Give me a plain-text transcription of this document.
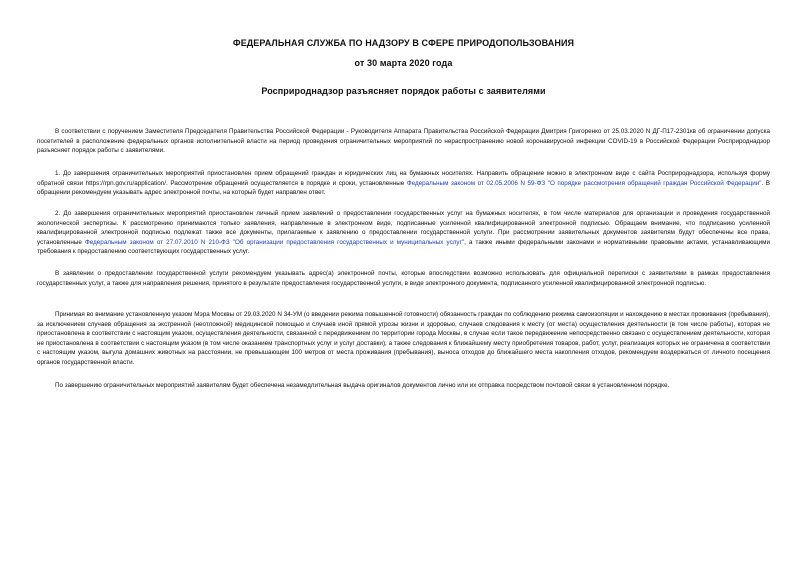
ФЕДЕРАЛЬНАЯ СЛУЖБА ПО НАДЗОРУ В СФЕРЕ ПРИРОДОПОЛЬЗОВАНИЯ
от 30 марта 2020 года
Росприроднадзор разъясняет порядок работы с заявителями

В соответствии с поручением Заместителя Председателя Правительства Российской Федерации - Руководителя Аппарата Правительства Российской Федерации Дмитрия Григоренко от 25.03.2020 N ДГ-П17-2301кв об ограничении допуска посетителей в расположение федеральных органов исполнительной власти на период проведения ограничительных мероприятий по нераспространению новой коронавирусной инфекции COVID-19 в Российской Федерации Росприроднадзор разъясняет порядок работы с заявителями.

1. До завершения ограничительных мероприятий приостановлен прием обращений граждан и юридических лиц на бумажных носителях. Направить обращение можно в электронном виде с сайта Росприроднадзора, используя форму обратной связи https://rpn.gov.ru/application/. Рассмотрение обращений осуществляется в порядке и сроки, установленные Федеральным законом от 02.05.2006 N 59-ФЗ "О порядке рассмотрения обращений граждан Российской Федерации". В обращении рекомендуем указывать адрес электронной почты, на который будет направлен ответ.

2. До завершения ограничительных мероприятий приостановлен личный прием заявлений о предоставлении государственных услуг на бумажных носителях, в том числе материалов для организации и проведения государственной экологической экспертизы. К рассмотрению принимаются только заявления, направленные в электронном виде, подписанные усиленной квалифицированной электронной подписью. Обращаем внимание, что подписанию усиленной квалифицированной электронной подписью подлежат также все документы, прилагаемые к заявлению о предоставлении государственной услуги. При рассмотрении заявительных документов заявителям будут обеспечены все права, установленные Федеральным законом от 27.07.2010 N 210-ФЗ "Об организации предоставления государственных и муниципальных услуг", а также иными федеральными законами и нормативными правовыми актами, устанавливающими требования к предоставлению соответствующих государственных услуг.

В заявлении о предоставлении государственной услуги рекомендуем указывать адрес(а) электронной почты, которые впоследствии возможно использовать для официальной переписки с заявителями в рамках предоставления государственных услуг, а также для направления решения, принятого в результате предоставления государственной услуги, в виде электронного документа, подписанного усиленной квалифицированной электронной подписью.

Принимая во внимание установленную указом Мэра Москвы от 29.03.2020 N 34-УМ (о введении режима повышенной готовности) обязанность граждан по соблюдению режима самоизоляции и нахождению в местах проживания (пребывания), за исключением случаев обращения за экстренной (неотложной) медицинской помощью и случаев иной прямой угрозы жизни и здоровью, случаев следования к месту (от места) осуществления деятельности (в том числе работы), которая не приостановлена в соответствии с настоящим указом, осуществления деятельности, связанной с передвижением по территории города Москвы, в случае если такое передвижение непосредственно связано с осуществлением деятельности, которая не приостановлена в соответствии с настоящим указом (в том числе оказанием транспортных услуг и услуг доставки), а также следования к ближайшему месту приобретения товаров, работ, услуг, реализация которых не ограничена в соответствии с настоящим указом, выгула домашних животных на расстоянии, не превышающем 100 метров от места проживания (пребывания), выноса отходов до ближайшего места накопления отходов, рекомендуем воздержаться от личного посещения органов государственной власти.

По завершению ограничительных мероприятий заявителям будет обеспечена незамедлительная выдача оригиналов документов лично или их отправка посредством почтовой связи в установленном порядке.
